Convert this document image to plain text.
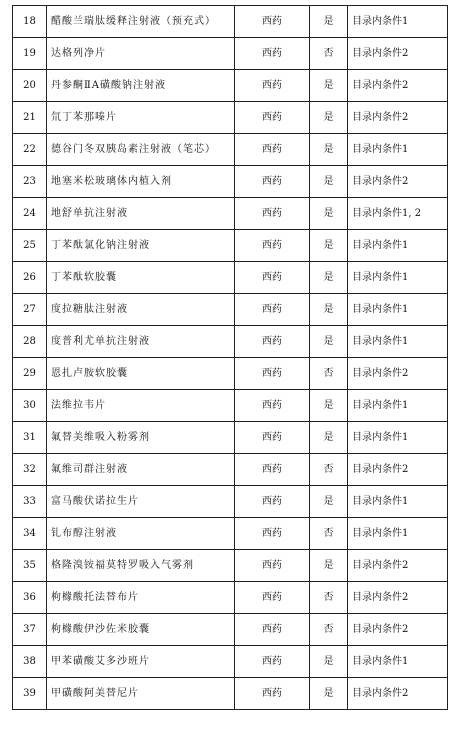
18	醋酸兰瑞肽缓释注射液（预充式）	西药	是	目录内条件1
19	达格列净片	西药	否	目录内条件2
20	丹参酮ⅡA磺酸钠注射液	西药	是	目录内条件2
21	氘丁苯那嗪片	西药	是	目录内条件2
22	德谷门冬双胰岛素注射液（笔芯）	西药	是	目录内条件1
23	地塞米松玻璃体内植入剂	西药	是	目录内条件2
24	地舒单抗注射液	西药	是	目录内条件1, 2
25	丁苯酞氯化钠注射液	西药	是	目录内条件1
26	丁苯酞软胶囊	西药	是	目录内条件1
27	度拉糖肽注射液	西药	是	目录内条件1
28	度普利尤单抗注射液	西药	是	目录内条件1
29	恩扎卢胺软胶囊	西药	否	目录内条件2
30	法维拉韦片	西药	是	目录内条件1
31	氟替美维吸入粉雾剂	西药	是	目录内条件1
32	氟维司群注射液	西药	否	目录内条件2
33	富马酸伏诺拉生片	西药	是	目录内条件1
34	钆布醇注射液	西药	否	目录内条件1
35	格隆溴铵福莫特罗吸入气雾剂	西药	是	目录内条件2
36	枸橼酸托法替布片	西药	否	目录内条件2
37	枸橼酸伊沙佐米胶囊	西药	否	目录内条件2
38	甲苯磺酸艾多沙班片	西药	是	目录内条件1
39	甲磺酸阿美替尼片	西药	是	目录内条件2
